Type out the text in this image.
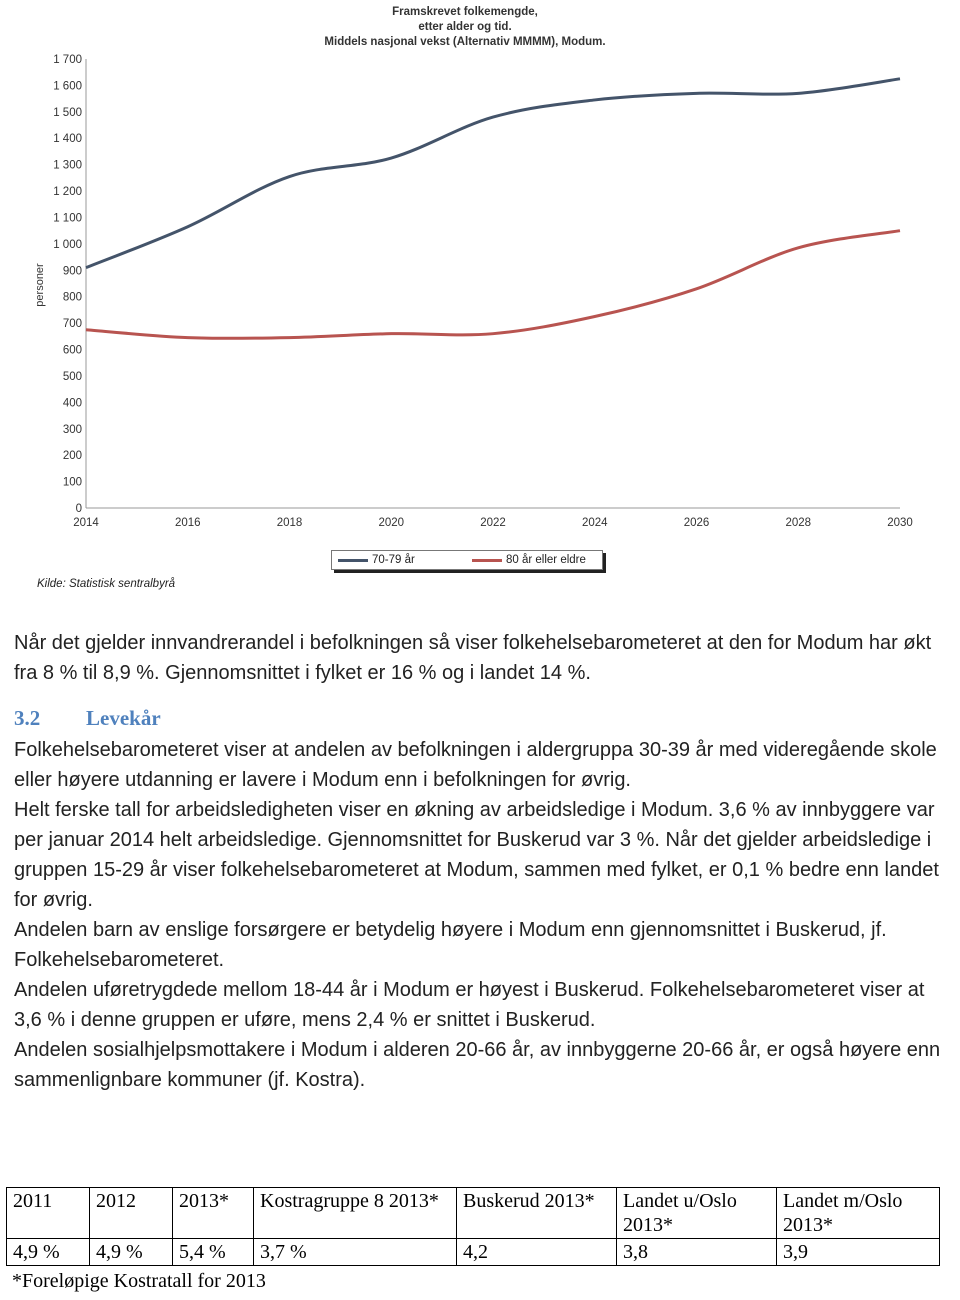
Framskrevet folkemengde,
etter alder og tid.
Middels nasjonal vekst (Alternativ MMMM), Modum.
0
100
200
300
400
500
600
700
800
900
1 000
1 100
1 200
1 300
1 400
1 500
1 600
1 700
2014	2016	2018	2020	2022	2024	2026	2028	2030
personer
70-79 år	80 år eller eldre
Kilde: Statistisk sentralbyrå
Når det gjelder innvandrerandel i befolkningen så viser folkehelsebarometeret at den for Modum har økt fra 8 % til 8,9 %. Gjennomsnittet i fylket er 16 % og i landet 14 %.
3.2 Levekår
Folkehelsebarometeret viser at andelen av befolkningen i aldergruppa 30-39 år med videregående skole eller høyere utdanning er lavere i Modum enn i befolkningen for øvrig.
Helt ferske tall for arbeidsledigheten viser en økning av arbeidsledige i Modum. 3,6 % av innbyggere var per januar 2014 helt arbeidsledige. Gjennomsnittet for Buskerud var 3 %. Når det gjelder arbeidsledige i gruppen 15-29 år viser folkehelsebarometeret at Modum, sammen med fylket, er 0,1 % bedre enn landet for øvrig.
Andelen barn av enslige forsørgere er betydelig høyere i Modum enn gjennomsnittet i Buskerud, jf. Folkehelsebarometeret.
Andelen uføretrygdede mellom 18-44 år i Modum er høyest i Buskerud. Folkehelsebarometeret viser at 3,6 % i denne gruppen er uføre, mens 2,4 % er snittet i Buskerud.
Andelen sosialhjelpsmottakere i Modum i alderen 20-66 år, av innbyggerne 20-66 år, er også høyere enn sammenlignbare kommuner (jf. Kostra).
2011	2012	2013*	Kostragruppe 8 2013*	Buskerud 2013*	Landet u/Oslo 2013*	Landet m/Oslo 2013*
4,9 %	4,9 %	5,4 %	3,7 %	4,2	3,8	3,9
*Foreløpige Kostratall for 2013
